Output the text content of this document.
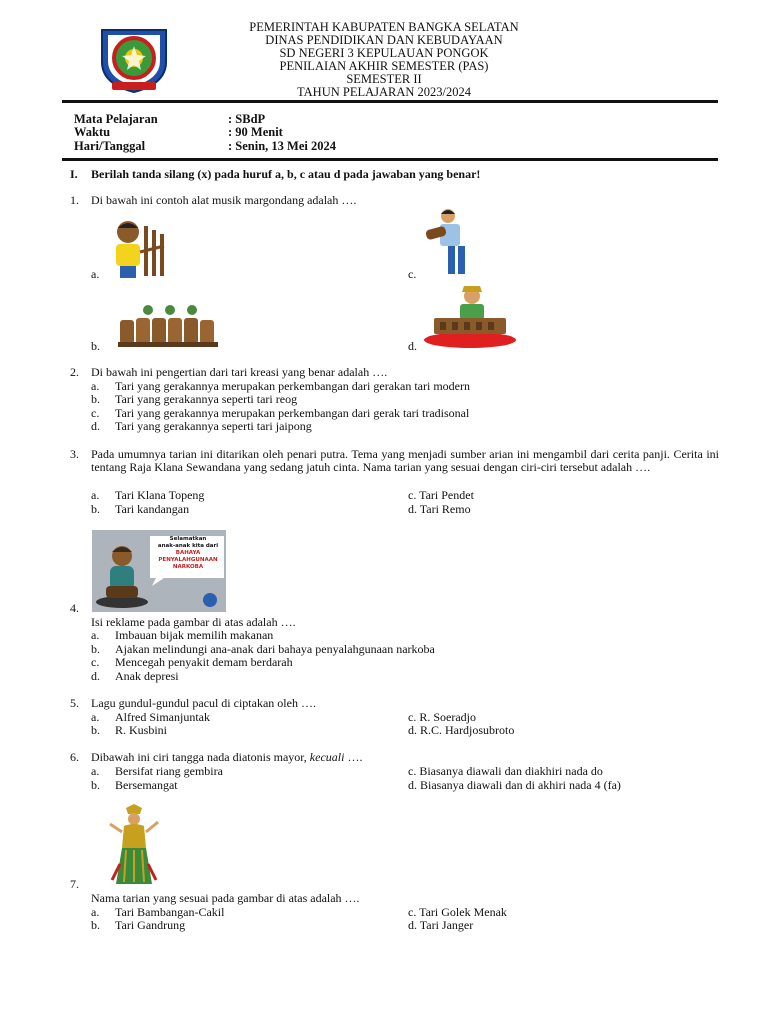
PEMERINTAH KABUPATEN BANGKA SELATAN
DINAS PENDIDIKAN DAN KEBUDAYAAN
SD NEGERI 3 KEPULAUAN PONGOK
PENILAIAN AKHIR SEMESTER (PAS)
SEMESTER II
TAHUN PELAJARAN 2023/2024
Mata Pelajaran	: SBdP
Waktu	: 90 Menit
Hari/Tanggal	: Senin, 13 Mei 2024
I. Berilah tanda silang (x) pada huruf a, b, c atau d pada jawaban yang benar!
1. Di bawah ini contoh alat musik margondang adalah ….
a.
b.
c.
d.
2. Di bawah ini pengertian dari tari kreasi yang benar adalah ….
a. Tari yang gerakannya merupakan perkembangan dari gerakan tari modern
b. Tari yang gerakannya seperti tari reog
c. Tari yang gerakannya merupakan perkembangan dari gerak tari tradisonal
d. Tari yang gerakannya seperti tari jaipong
3. Pada umumnya tarian ini ditarikan oleh penari putra. Tema yang menjadi sumber arian ini mengambil dari cerita panji. Cerita ini tentang Raja Klana Sewandana yang sedang jatuh cinta. Nama tarian yang sesuai dengan ciri-ciri tersebut adalah ….
a. Tari Klana Topeng
b. Tari kandangan
c. Tari Pendet
d. Tari Remo
Selamatkan
anak-anak kita dari
BAHAYA PENYALAHGUNAAN
NARKOBA
4.
Isi reklame pada gambar di atas adalah ….
a. Imbauan bijak memilih makanan
b. Ajakan melindungi ana-anak dari bahaya penyalahgunaan narkoba
c. Mencegah penyakit demam berdarah
d. Anak depresi
5. Lagu gundul-gundul pacul di ciptakan oleh ….
a. Alfred Simanjuntak
b. R. Kusbini
c. R. Soeradjo
d. R.C. Hardjosubroto
6. Dibawah ini ciri tangga nada diatonis mayor, kecuali ….
a. Bersifat riang gembira
b. Bersemangat
c. Biasanya diawali dan diakhiri nada do
d. Biasanya diawali dan di akhiri nada 4 (fa)
7.
Nama tarian yang sesuai pada gambar di atas adalah ….
a. Tari Bambangan-Cakil
b. Tari Gandrung
c. Tari Golek Menak
d. Tari Janger
